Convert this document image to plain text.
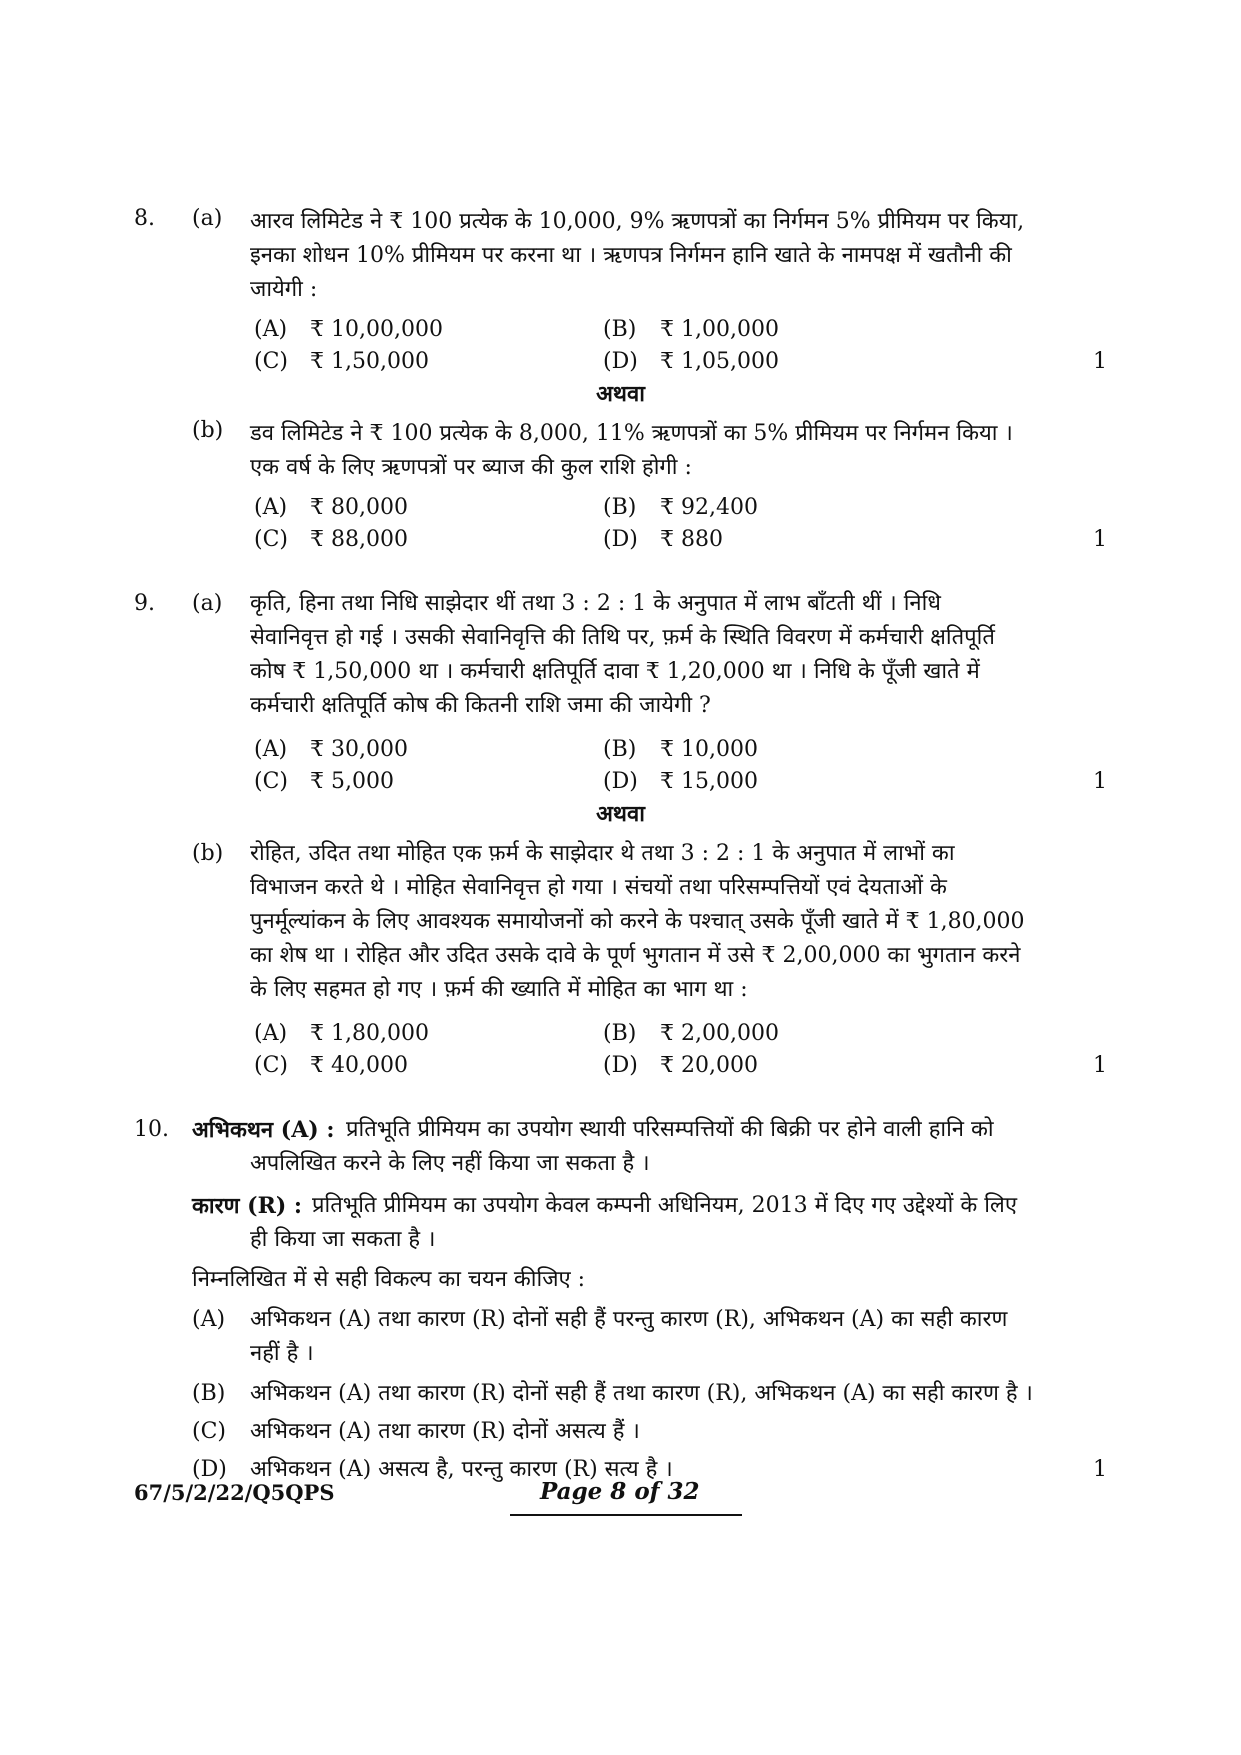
8. (a) आरव लिमिटेड ने ₹ 100 प्रत्येक के 10,000, 9% ऋणपत्रों का निर्गमन 5% प्रीमियम पर किया,
इनका शोधन 10% प्रीमियम पर करना था । ऋणपत्र निर्गमन हानि खाते के नामपक्ष में खतौनी की
जायेगी :
(A) ₹ 10,00,000	(B) ₹ 1,00,000
(C) ₹ 1,50,000	(D) ₹ 1,05,000	1
अथवा
(b) डव लिमिटेड ने ₹ 100 प्रत्येक के 8,000, 11% ऋणपत्रों का 5% प्रीमियम पर निर्गमन किया ।
एक वर्ष के लिए ऋणपत्रों पर ब्याज की कुल राशि होगी :
(A) ₹ 80,000	(B) ₹ 92,400
(C) ₹ 88,000	(D) ₹ 880	1
9. (a) कृति, हिना तथा निधि साझेदार थीं तथा 3 : 2 : 1 के अनुपात में लाभ बाँटती थीं । निधि
सेवानिवृत्त हो गई । उसकी सेवानिवृत्ति की तिथि पर, फ़र्म के स्थिति विवरण में कर्मचारी क्षतिपूर्ति
कोष ₹ 1,50,000 था । कर्मचारी क्षतिपूर्ति दावा ₹ 1,20,000 था । निधि के पूँजी खाते में
कर्मचारी क्षतिपूर्ति कोष की कितनी राशि जमा की जायेगी ?
(A) ₹ 30,000	(B) ₹ 10,000
(C) ₹ 5,000	(D) ₹ 15,000	1
अथवा
(b) रोहित, उदित तथा मोहित एक फ़र्म के साझेदार थे तथा 3 : 2 : 1 के अनुपात में लाभों का
विभाजन करते थे । मोहित सेवानिवृत्त हो गया । संचयों तथा परिसम्पत्तियों एवं देयताओं के
पुनर्मूल्यांकन के लिए आवश्यक समायोजनों को करने के पश्चात् उसके पूँजी खाते में ₹ 1,80,000
का शेष था । रोहित और उदित उसके दावे के पूर्ण भुगतान में उसे ₹ 2,00,000 का भुगतान करने
के लिए सहमत हो गए । फ़र्म की ख्याति में मोहित का भाग था :
(A) ₹ 1,80,000	(B) ₹ 2,00,000
(C) ₹ 40,000	(D) ₹ 20,000	1
10. अभिकथन (A) : प्रतिभूति प्रीमियम का उपयोग स्थायी परिसम्पत्तियों की बिक्री पर होने वाली हानि को
अपलिखित करने के लिए नहीं किया जा सकता है ।
कारण (R) : प्रतिभूति प्रीमियम का उपयोग केवल कम्पनी अधिनियम, 2013 में दिए गए उद्देश्यों के लिए
ही किया जा सकता है ।
निम्नलिखित में से सही विकल्प का चयन कीजिए :
(A) अभिकथन (A) तथा कारण (R) दोनों सही हैं परन्तु कारण (R), अभिकथन (A) का सही कारण
नहीं है ।
(B) अभिकथन (A) तथा कारण (R) दोनों सही हैं तथा कारण (R), अभिकथन (A) का सही कारण है ।
(C) अभिकथन (A) तथा कारण (R) दोनों असत्य हैं ।
(D) अभिकथन (A) असत्य है, परन्तु कारण (R) सत्य है ।	1
67/5/2/22/Q5QPS	Page 8 of 32
